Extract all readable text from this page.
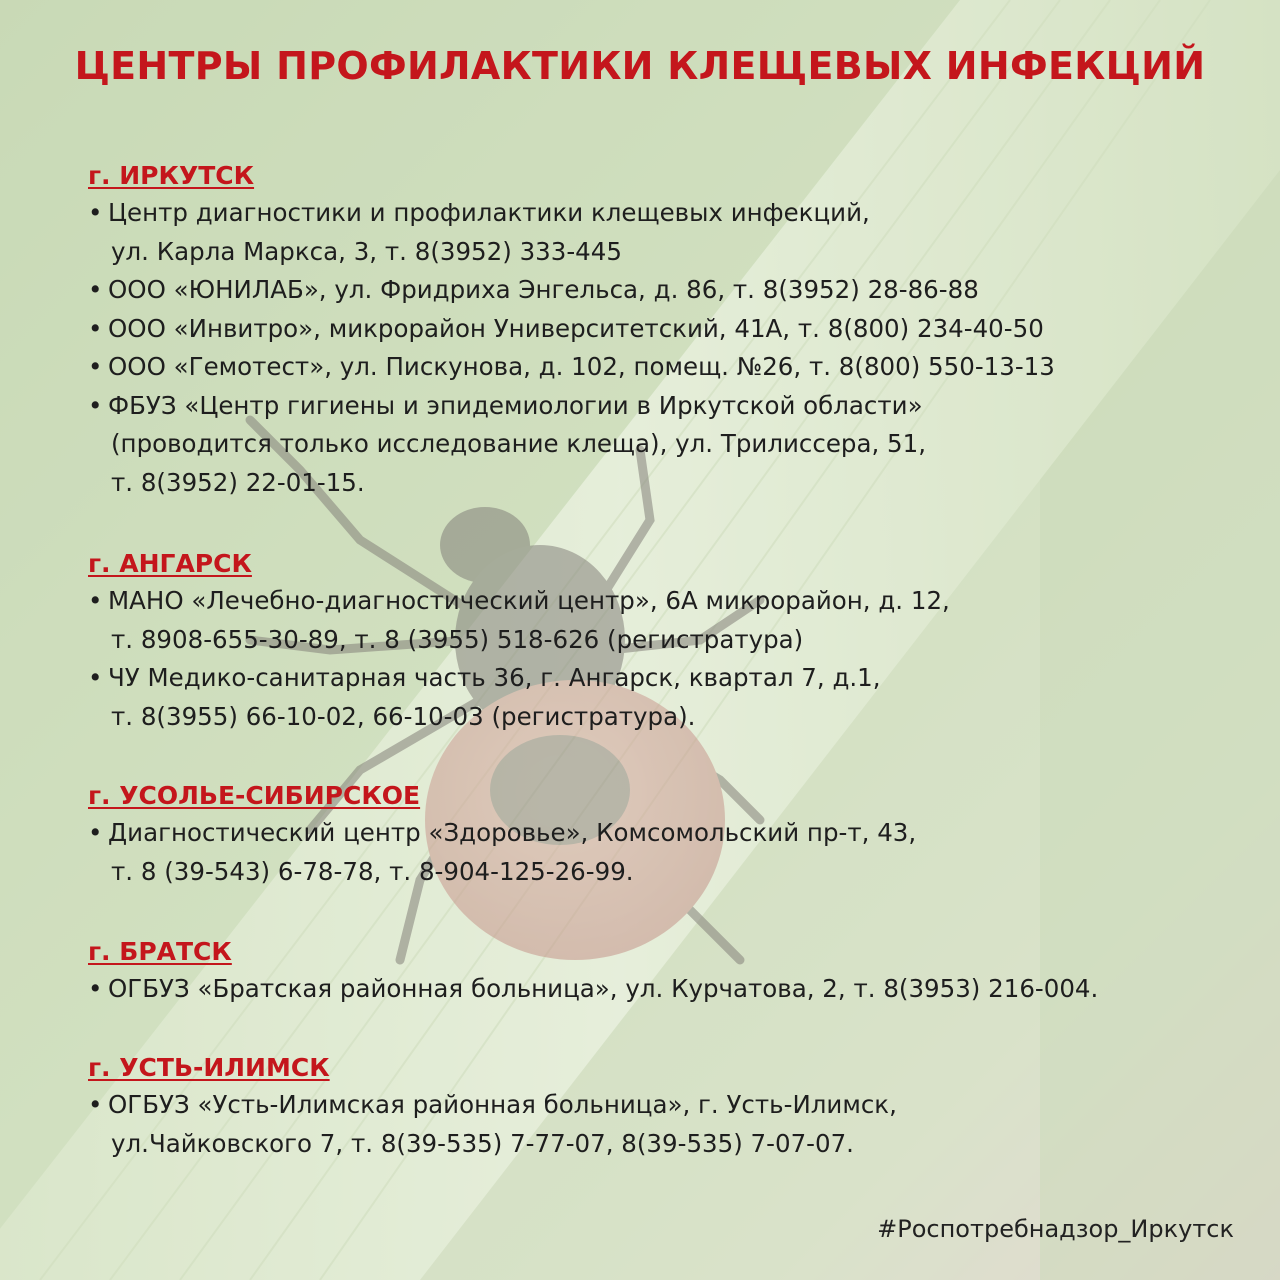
ЦЕНТРЫ ПРОФИЛАКТИКИ КЛЕЩЕВЫХ ИНФЕКЦИЙ
г. ИРКУТСК
• Центр диагностики и профилактики клещевых инфекций,
ул. Карла Маркса, 3, т. 8(3952) 333-445
• ООО «ЮНИЛАБ», ул. Фридриха Энгельса, д. 86, т. 8(3952) 28-86-88
• ООО «Инвитро», микрорайон Университетский, 41А, т. 8(800) 234-40-50
• ООО «Гемотест», ул. Пискунова, д. 102, помещ. №26, т. 8(800) 550-13-13
• ФБУЗ «Центр гигиены и эпидемиологии в Иркутской области»
(проводится только исследование клеща), ул. Трилиссера, 51,
т. 8(3952) 22-01-15.
г. АНГАРСК
• МАНО «Лечебно-диагностический центр», 6А микрорайон, д. 12,
т. 8908-655-30-89, т. 8 (3955) 518-626 (регистратура)
• ЧУ Медико-санитарная часть 36, г. Ангарск, квартал 7, д.1,
т. 8(3955) 66-10-02, 66-10-03 (регистратура).
г. УСОЛЬЕ-СИБИРСКОЕ
• Диагностический центр «Здоровье», Комсомольский пр-т, 43,
т. 8 (39-543) 6-78-78, т. 8-904-125-26-99.
г. БРАТСК
• ОГБУЗ «Братская районная больница», ул. Курчатова, 2, т. 8(3953) 216-004.
г. УСТЬ-ИЛИМСК
• ОГБУЗ «Усть-Илимская районная больница», г. Усть-Илимск,
ул.Чайковского 7, т. 8(39-535) 7-77-07, 8(39-535) 7-07-07.
#Роспотребнадзор_Иркутск
